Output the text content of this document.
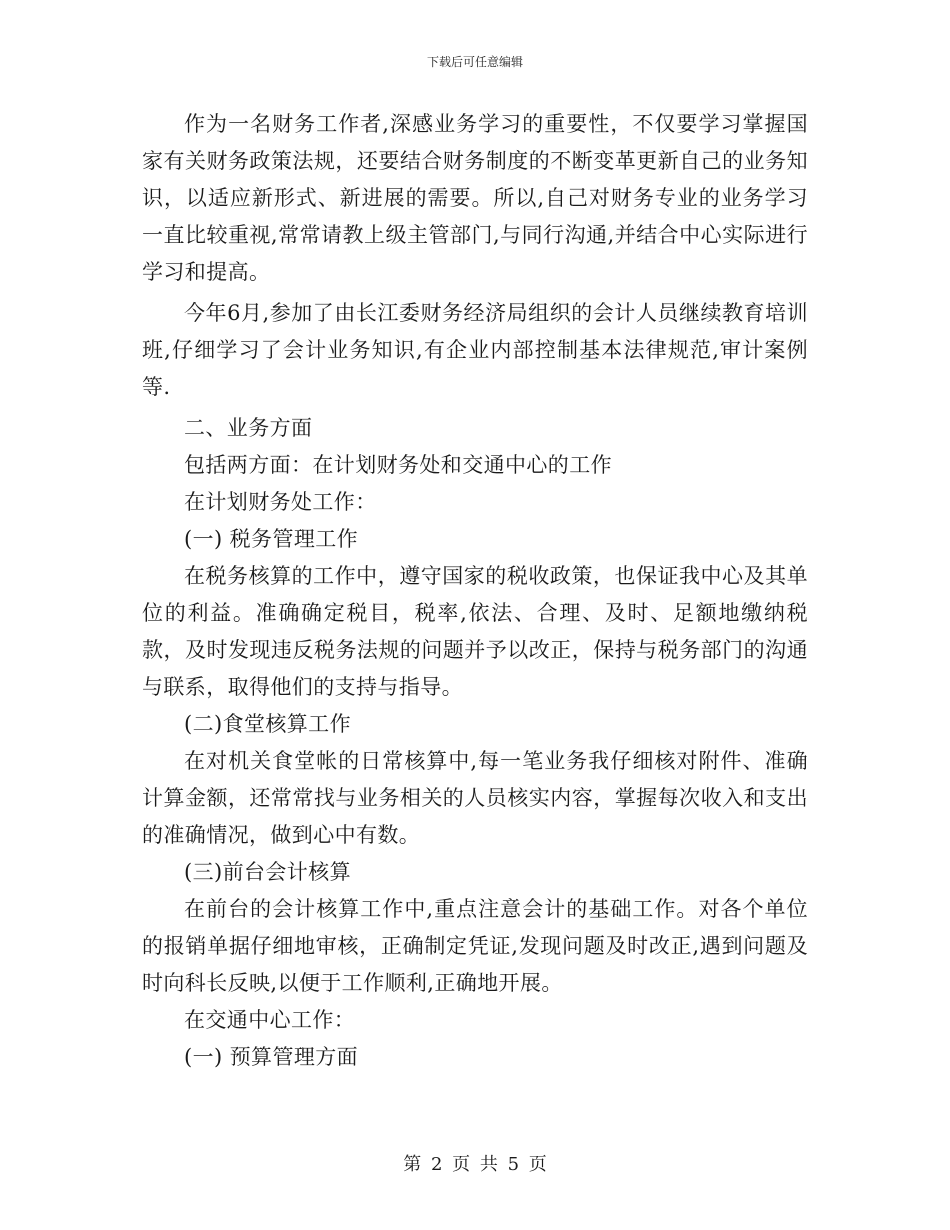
下载后可任意编辑

作为一名财务工作者,深感业务学习的重要性，不仅要学习掌握国家有关财务政策法规，还要结合财务制度的不断变革更新自己的业务知识，以适应新形式、新进展的需要。所以,自己对财务专业的业务学习一直比较重视,常常请教上级主管部门,与同行沟通,并结合中心实际进行学习和提高。

今年6月,参加了由长江委财务经济局组织的会计人员继续教育培训班,仔细学习了会计业务知识,有企业内部控制基本法律规范,审计案例等.

二、业务方面

包括两方面：在计划财务处和交通中心的工作

在计划财务处工作：

(一) 税务管理工作

在税务核算的工作中，遵守国家的税收政策，也保证我中心及其单位的利益。准确确定税目，税率,依法、合理、及时、足额地缴纳税款，及时发现违反税务法规的问题并予以改正，保持与税务部门的沟通与联系，取得他们的支持与指导。

(二)食堂核算工作

在对机关食堂帐的日常核算中,每一笔业务我仔细核对附件、准确计算金额，还常常找与业务相关的人员核实内容，掌握每次收入和支出的准确情况，做到心中有数。

(三)前台会计核算

在前台的会计核算工作中,重点注意会计的基础工作。对各个单位的报销单据仔细地审核，正确制定凭证,发现问题及时改正,遇到问题及时向科长反映,以便于工作顺利,正确地开展。

在交通中心工作：

(一) 预算管理方面

第 2 页 共 5 页
